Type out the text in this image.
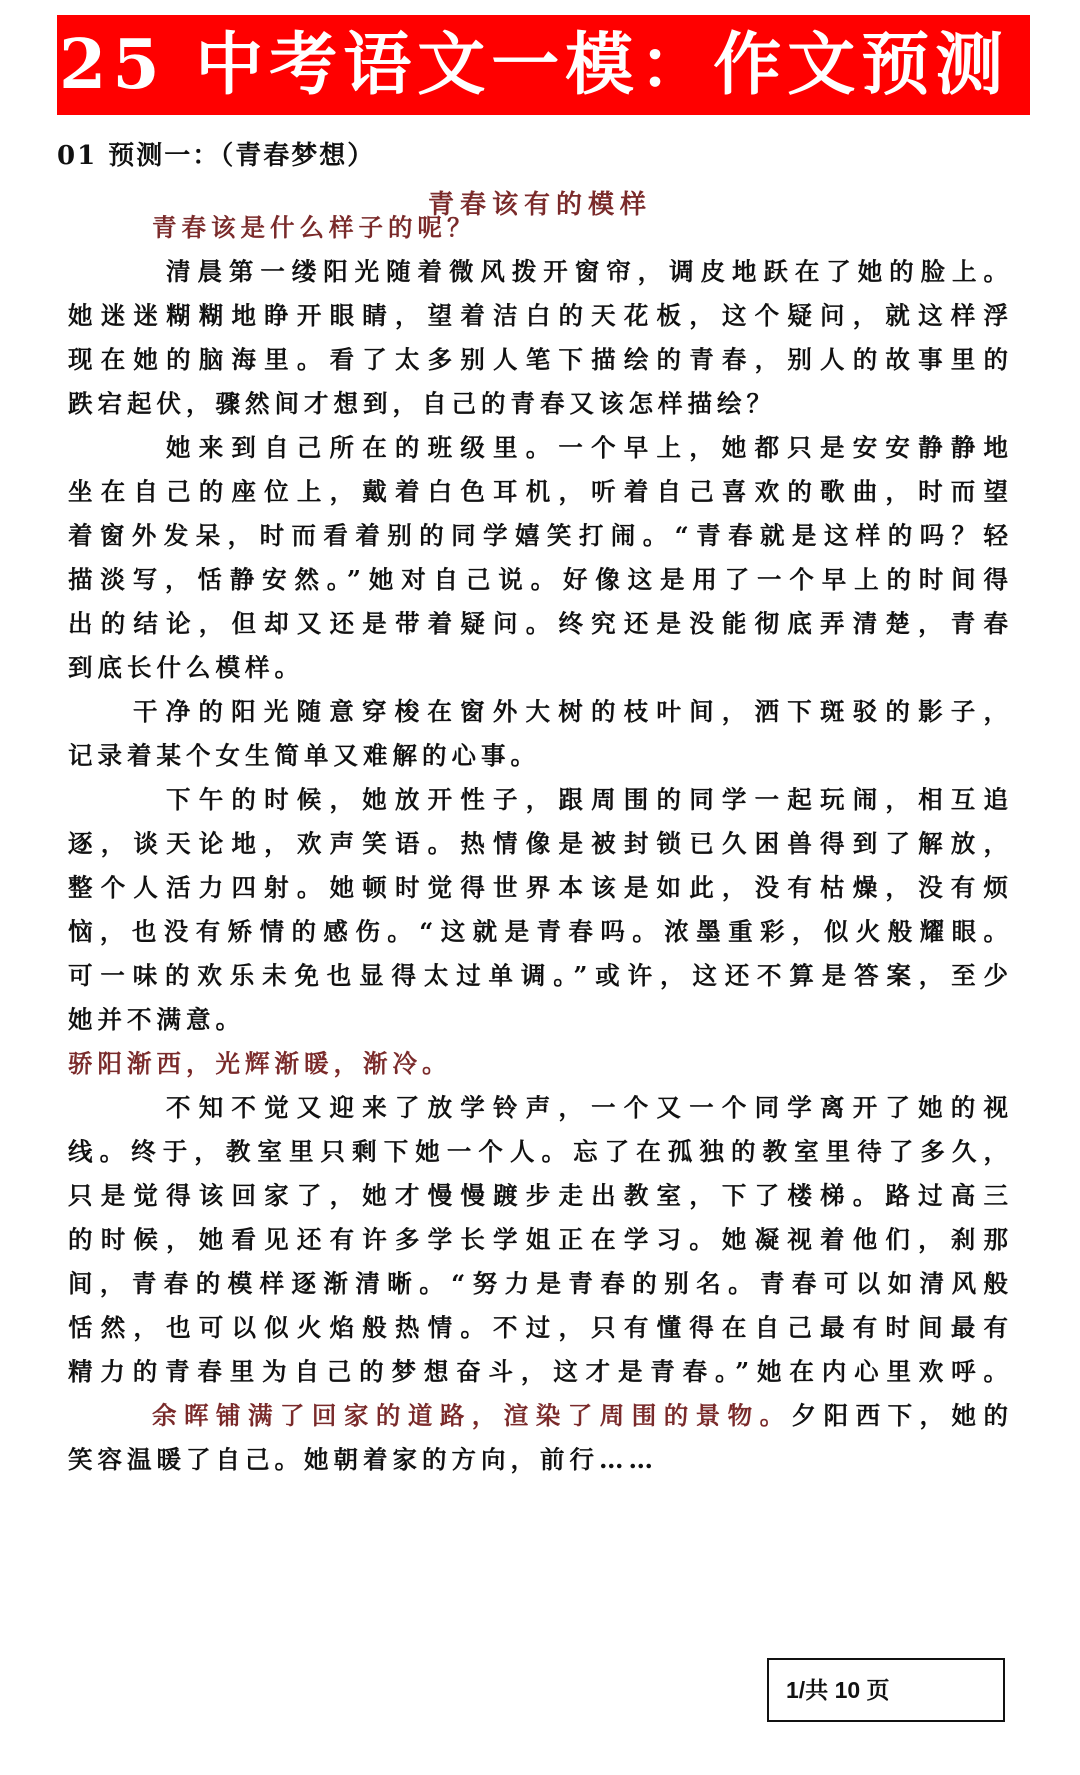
25 中考语文一模：作文预测
01 预测一：（青春梦想）
青春该有的模样
青春该是什么样子的呢？
清晨第一缕阳光随着微风拨开窗帘，调皮地跃在了她的脸上。
她迷迷糊糊地睁开眼睛，望着洁白的天花板，这个疑问，就这样浮
现在她的脑海里。看了太多别人笔下描绘的青春，别人的故事里的
跌宕起伏，骤然间才想到，自己的青春又该怎样描绘？
她来到自己所在的班级里。一个早上，她都只是安安静静地
坐在自己的座位上，戴着白色耳机，听着自己喜欢的歌曲，时而望
着窗外发呆，时而看着别的同学嬉笑打闹。“青春就是这样的吗？轻
描淡写，恬静安然。”她对自己说。好像这是用了一个早上的时间得
出的结论，但却又还是带着疑问。终究还是没能彻底弄清楚，青春
到底长什么模样。
干净的阳光随意穿梭在窗外大树的枝叶间，洒下斑驳的影子，
记录着某个女生简单又难解的心事。
下午的时候，她放开性子，跟周围的同学一起玩闹，相互追
逐，谈天论地，欢声笑语。热情像是被封锁已久困兽得到了解放，
整个人活力四射。她顿时觉得世界本该是如此，没有枯燥，没有烦
恼，也没有矫情的感伤。“这就是青春吗。浓墨重彩，似火般耀眼。
可一味的欢乐未免也显得太过单调。”或许，这还不算是答案，至少
她并不满意。
骄阳渐西，光辉渐暖，渐冷。
不知不觉又迎来了放学铃声，一个又一个同学离开了她的视
线。终于，教室里只剩下她一个人。忘了在孤独的教室里待了多久，
只是觉得该回家了，她才慢慢踱步走出教室，下了楼梯。路过高三
的时候，她看见还有许多学长学姐正在学习。她凝视着他们，刹那
间，青春的模样逐渐清晰。“努力是青春的别名。青春可以如清风般
恬然，也可以似火焰般热情。不过，只有懂得在自己最有时间最有
精力的青春里为自己的梦想奋斗，这才是青春。”她在内心里欢呼。
余晖铺满了回家的道路，渲染了周围的景物。夕阳西下，她的
笑容温暖了自己。她朝着家的方向，前行……
1/共 10 页
